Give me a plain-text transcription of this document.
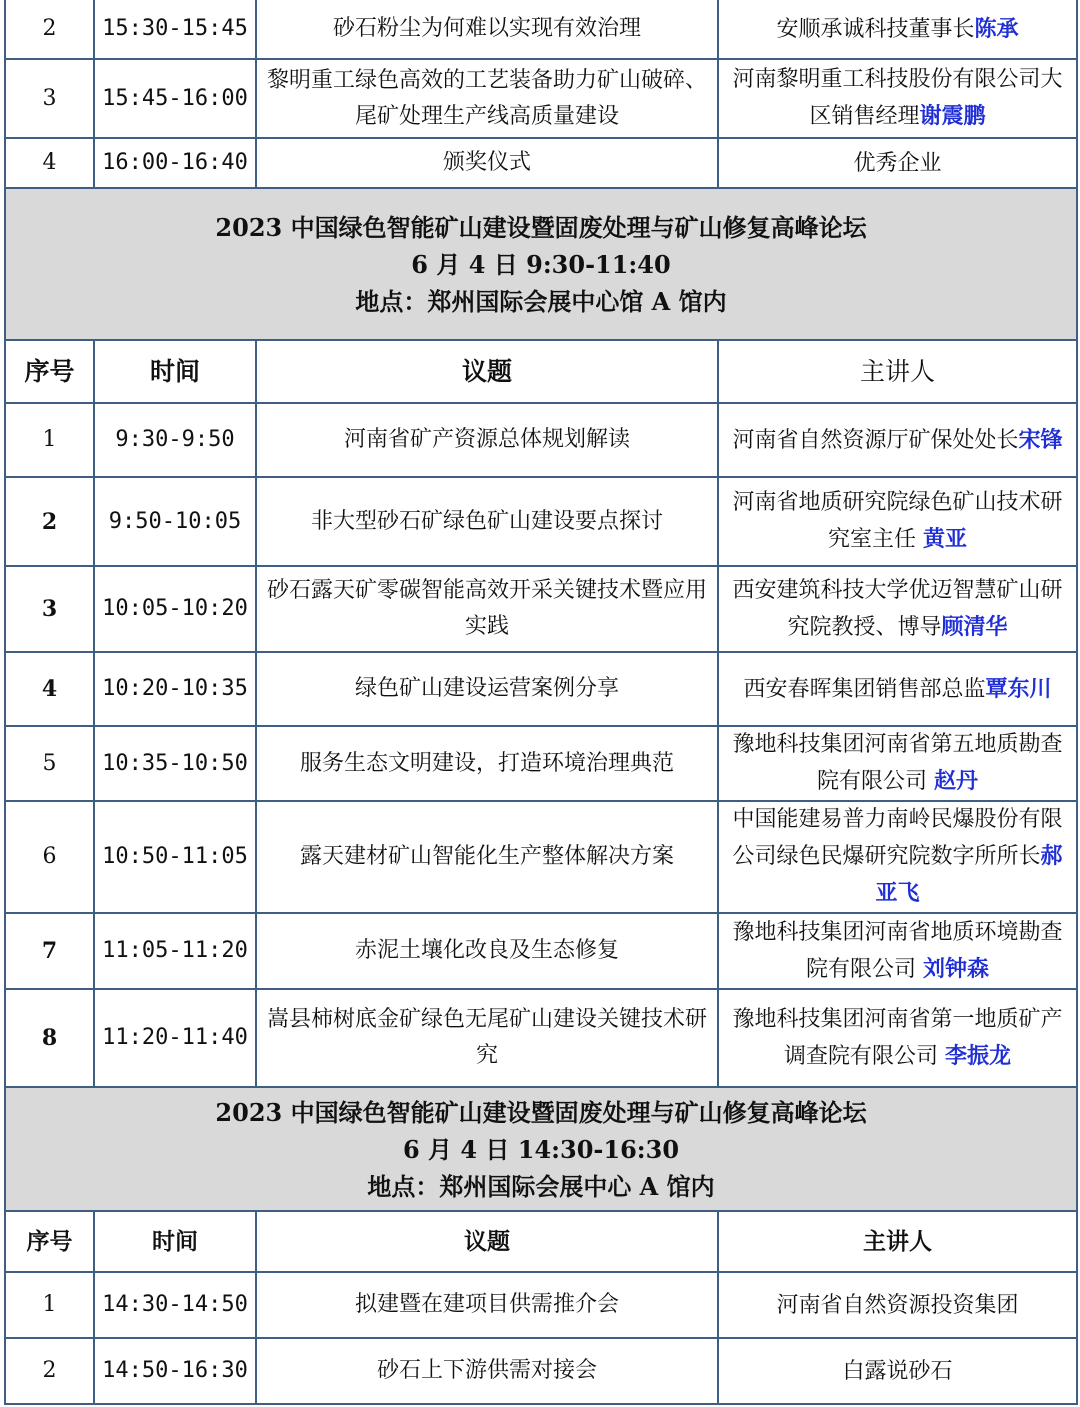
2	15:30-15:45	砂石粉尘为何难以实现有效治理	安顺承诚科技董事长陈承
3	15:45-16:00	黎明重工绿色高效的工艺装备助力矿山破碎、尾矿处理生产线高质量建设	河南黎明重工科技股份有限公司大区销售经理谢震鹏
4	16:00-16:40	颁奖仪式	优秀企业

2023 中国绿色智能矿山建设暨固废处理与矿山修复高峰论坛
6 月 4 日 9:30-11:40
地点：郑州国际会展中心馆 A 馆内			

序号	时间	议题	主讲人
1	9:30-9:50	河南省矿产资源总体规划解读	河南省自然资源厅矿保处处长宋锋
2	9:50-10:05	非大型砂石矿绿色矿山建设要点探讨	河南省地质研究院绿色矿山技术研究室主任 黄亚
3	10:05-10:20	砂石露天矿零碳智能高效开采关键技术暨应用实践	西安建筑科技大学优迈智慧矿山研究院教授、博导顾清华
4	10:20-10:35	绿色矿山建设运营案例分享	西安春晖集团销售部总监覃东川
5	10:35-10:50	服务生态文明建设，打造环境治理典范	豫地科技集团河南省第五地质勘查院有限公司 赵丹
6	10:50-11:05	露天建材矿山智能化生产整体解决方案	中国能建易普力南岭民爆股份有限公司绿色民爆研究院数字所所长郝亚飞
7	11:05-11:20	赤泥土壤化改良及生态修复	豫地科技集团河南省地质环境勘查院有限公司 刘钟森
8	11:20-11:40	嵩县柿树底金矿绿色无尾矿山建设关键技术研究	豫地科技集团河南省第一地质矿产调查院有限公司 李振龙

2023 中国绿色智能矿山建设暨固废处理与矿山修复高峰论坛
6 月 4 日 14:30-16:30
地点：郑州国际会展中心 A 馆内			

序号	时间	议题	主讲人
1	14:30-14:50	拟建暨在建项目供需推介会	河南省自然资源投资集团
2	14:50-16:30	砂石上下游供需对接会	白露说砂石
